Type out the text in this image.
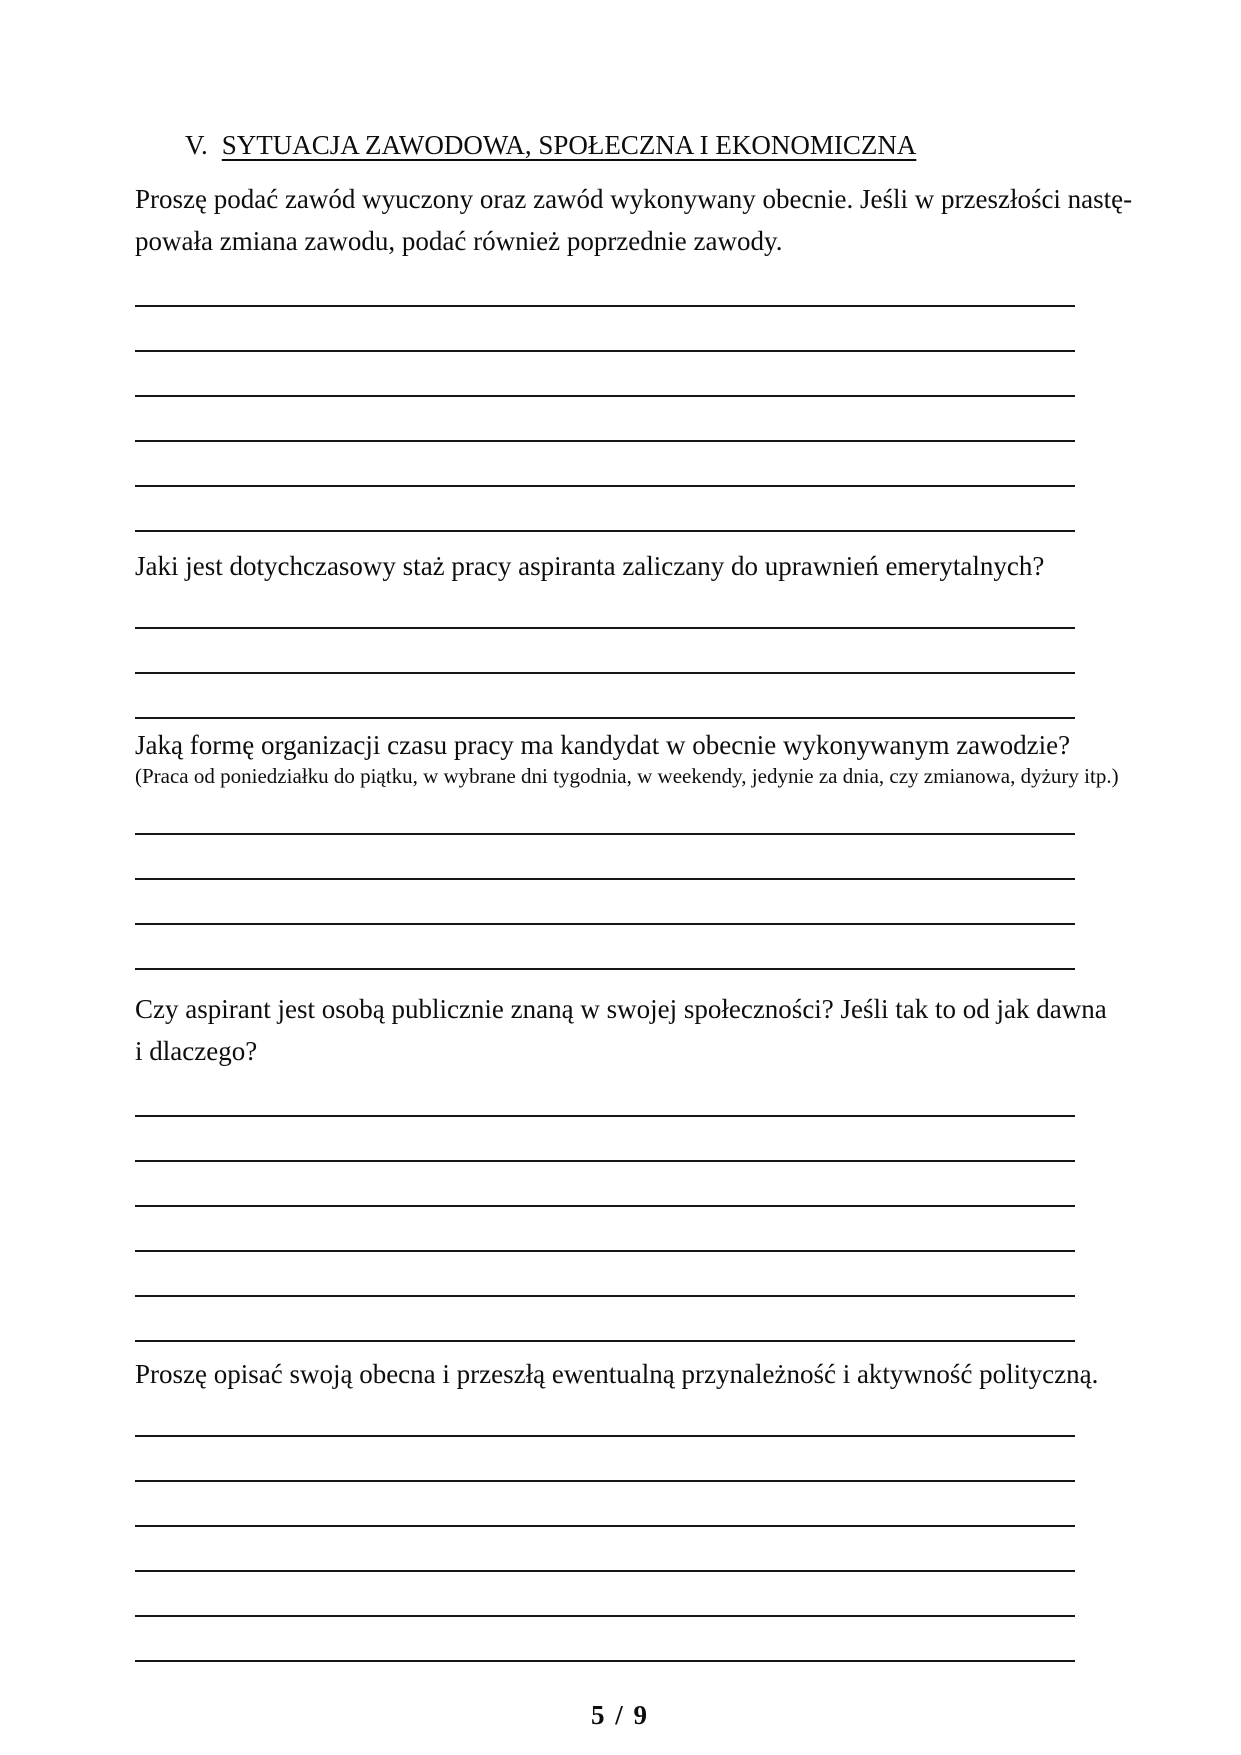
V. SYTUACJA ZAWODOWA, SPOŁECZNA I EKONOMICZNA
Proszę podać zawód wyuczony oraz zawód wykonywany obecnie. Jeśli w przeszłości nastę-
powała zmiana zawodu, podać również poprzednie zawody.
Jaki jest dotychczasowy staż pracy aspiranta zaliczany do uprawnień emerytalnych?
Jaką formę organizacji czasu pracy ma kandydat w obecnie wykonywanym zawodzie?
(Praca od poniedziałku do piątku, w wybrane dni tygodnia, w weekendy, jedynie za dnia, czy zmianowa, dyżury itp.)
Czy aspirant jest osobą publicznie znaną w swojej społeczności? Jeśli tak to od jak dawna
i dlaczego?
Proszę opisać swoją obecna i przeszłą ewentualną przynależność i aktywność polityczną.
5 / 9
